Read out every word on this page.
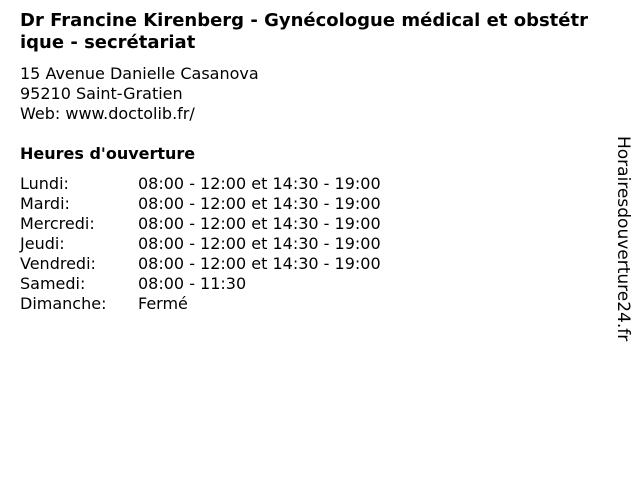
Dr Francine Kirenberg - Gynécologue médical et obstétrique - secrétariat
15 Avenue Danielle Casanova
95210 Saint-Gratien
Web: www.doctolib.fr/
Heures d'ouverture
Lundi:	08:00 - 12:00 et 14:30 - 19:00
Mardi:	08:00 - 12:00 et 14:30 - 19:00
Mercredi:	08:00 - 12:00 et 14:30 - 19:00
Jeudi:	08:00 - 12:00 et 14:30 - 19:00
Vendredi:	08:00 - 12:00 et 14:30 - 19:00
Samedi:	08:00 - 11:30
Dimanche:	Fermé	Horairesdouverture24.fr
